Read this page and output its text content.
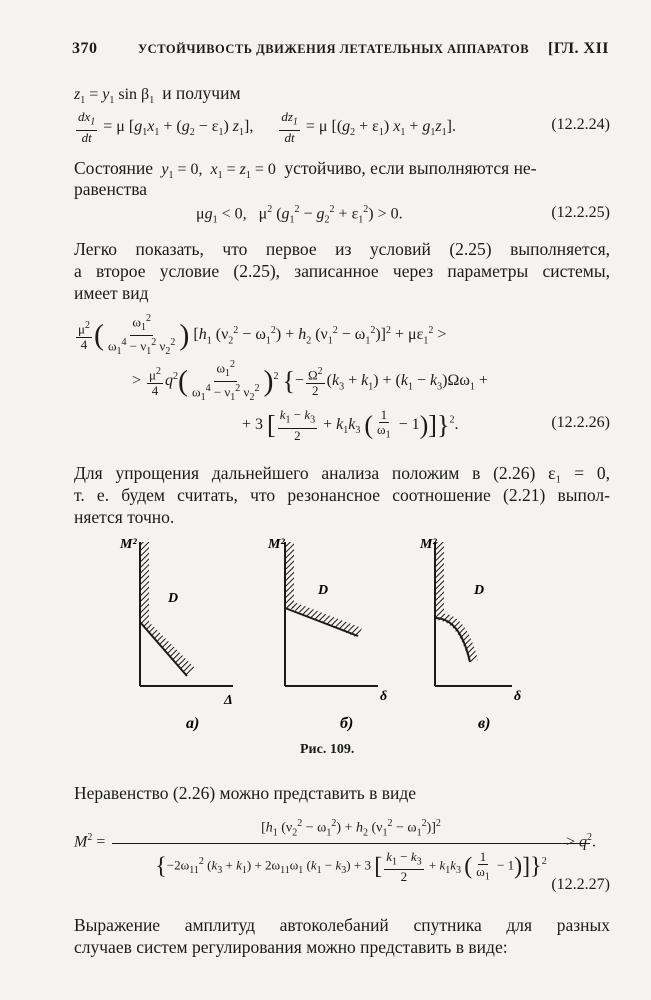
370	УСТОЙЧИВОСТЬ ДВИЖЕНИЯ ЛЕТАТЕЛЬНЫХ АППАРАТОВ [ГЛ. XII
$z_1 = y_1$ $\sin \beta_1$ и получим
$\frac{dx_1}{dt} = \mu$ [$g_1x_1 + (g_2 - \varepsilon_1)$ $z_1$], $\frac{dz_1}{dt} = \mu$ $[(g_2 + \varepsilon_1) x_1 + g_1z_1]$.	(12.2.24)
Состояние $y_1 = 0$,  $x_1 = z_1 = 0$  устойчиво, если выполняются не-
равенства
$\mu g_1 < 0$,   $\mu^2$ $(g_1^2 - g_2^2 + \varepsilon_1^2) > 0$.	(12.2.25)
Легко показать, что первое из условий (2.25) выполняется,
а второе условие (2.25), записанное через параметры системы,
имеет вид
$\frac{\mu^2}{4}$ ( $\frac{\omega_1^2}{\omega_1^4 - \nu_1^2 \nu_2^2}$ ) [$h_1$ $(\nu_2^2 - \omega_1^2) + h_2$ $(\nu_1^2 - \omega_1^2)]^2 + \mu\varepsilon_1^2$ >
> $\frac{\mu^2}{4} q^2( \frac{\omega_1^2}{\omega_1^4 - \nu_1^2 \nu_2^2} )^2$ {− $\frac{\Omega^2}{2} (k_3 + k_1) + (k_1 - k_3)\Omega\omega_1$ +
+ 3 [ $\frac{k_1 - k_3}{2} + k_1k_3$ ( $\frac{1}{\omega_1} - 1)]\}^2$.	(12.2.26)
Для упрощения дальнейшего анализа положим в (2.26) ε₁ = 0,
т. е. будем считать, что резонансное соотношение (2.21) выпол-
няется точно.
M²
D
Δ
а)
M²
D
δ
б)
M²
D
δ
в)
Рис. 109.
Неравенство (2.26) можно представить в виде
$M^2$ =
[$h_1$ $(\nu_2^2 - \omega_1^2) + h_2$ $(\nu_1^2 - \omega_1^2)]^2$
{$-2\omega_{11}^2$ $(k_3 + k_1) + 2\omega_{11}\omega_1$ $(k_1 - k_3) + 3$ [ $\frac{k_1 - k_3}{2} + k_1k_3$ ( $\frac{1}{\omega_1} - 1)]\}^2$
> $q^2$.
(12.2.27)
Выражение амплитуд автоколебаний спутника для разных
случаев систем регулирования можно представить в виде:
